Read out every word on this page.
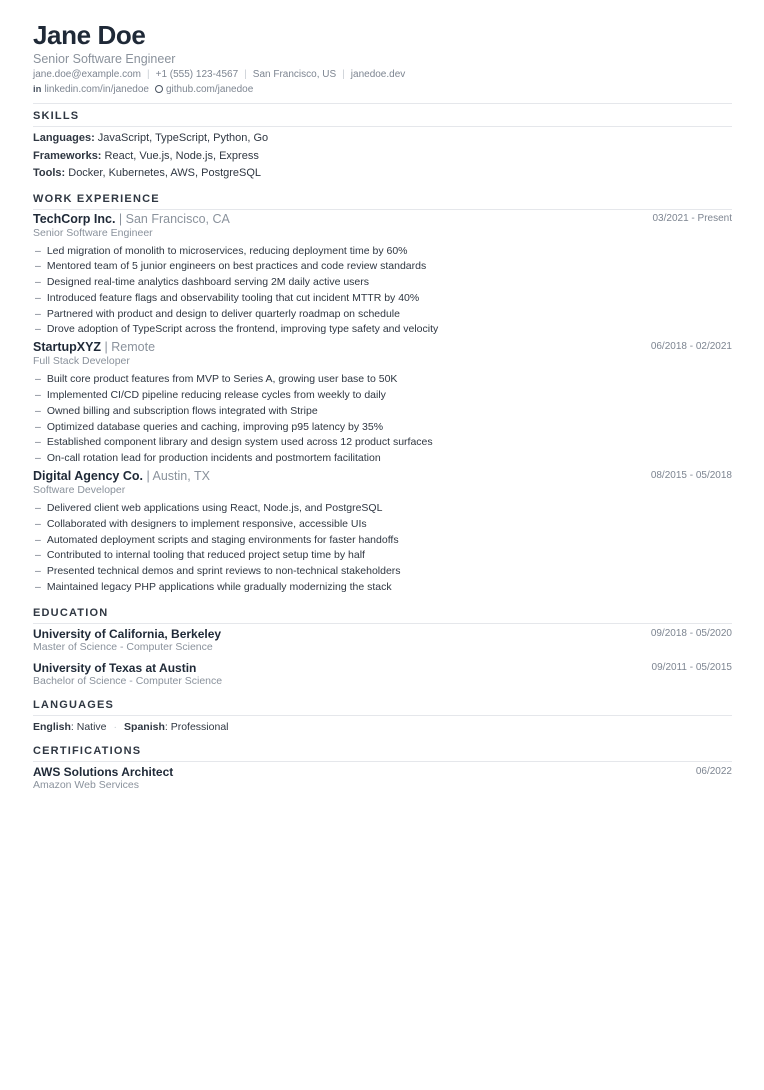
Jane Doe
Senior Software Engineer
jane.doe@example.com | +1 (555) 123-4567 | San Francisco, US | janedoe.dev
in linkedin.com/in/janedoe github.com/janedoe
SKILLS
Languages: JavaScript, TypeScript, Python, Go
Frameworks: React, Vue.js, Node.js, Express
Tools: Docker, Kubernetes, AWS, PostgreSQL
WORK EXPERIENCE
TechCorp Inc. | San Francisco, CA	03/2021 - Present
Senior Software Engineer
– Led migration of monolith to microservices, reducing deployment time by 60%
– Mentored team of 5 junior engineers on best practices and code review standards
– Designed real-time analytics dashboard serving 2M daily active users
– Introduced feature flags and observability tooling that cut incident MTTR by 40%
– Partnered with product and design to deliver quarterly roadmap on schedule
– Drove adoption of TypeScript across the frontend, improving type safety and velocity
StartupXYZ | Remote	06/2018 - 02/2021
Full Stack Developer
– Built core product features from MVP to Series A, growing user base to 50K
– Implemented CI/CD pipeline reducing release cycles from weekly to daily
– Owned billing and subscription flows integrated with Stripe
– Optimized database queries and caching, improving p95 latency by 35%
– Established component library and design system used across 12 product surfaces
– On-call rotation lead for production incidents and postmortem facilitation
Digital Agency Co. | Austin, TX	08/2015 - 05/2018
Software Developer
– Delivered client web applications using React, Node.js, and PostgreSQL
– Collaborated with designers to implement responsive, accessible UIs
– Automated deployment scripts and staging environments for faster handoffs
– Contributed to internal tooling that reduced project setup time by half
– Presented technical demos and sprint reviews to non-technical stakeholders
– Maintained legacy PHP applications while gradually modernizing the stack
EDUCATION
University of California, Berkeley	09/2018 - 05/2020
Master of Science - Computer Science
University of Texas at Austin	09/2011 - 05/2015
Bachelor of Science - Computer Science
LANGUAGES
English: Native · Spanish: Professional
CERTIFICATIONS
AWS Solutions Architect	06/2022
Amazon Web Services
